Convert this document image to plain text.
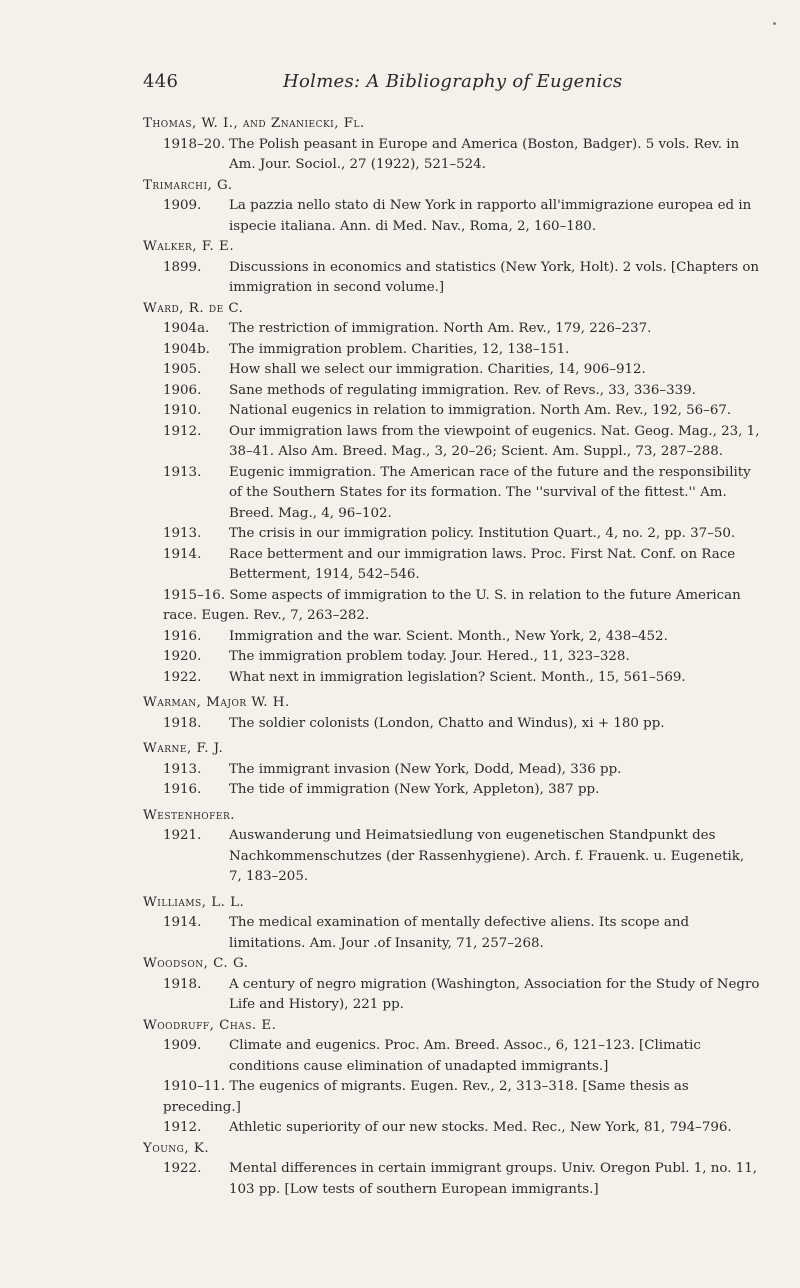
446	Holmes: A Bibliography of Eugenics
Thomas, W. I., and Znaniecki, Fl.
1918–20. The Polish peasant in Europe and America (Boston, Badger). 5 vols. Rev. in Am. Jour. Sociol., 27 (1922), 521–524.
Trimarchi, G.
1909.	La pazzia nello stato di New York in rapporto all'immigrazione europea ed in ispecie italiana. Ann. di Med. Nav., Roma, 2, 160–180.
Walker, F. E.
1899.	Discussions in economics and statistics (New York, Holt). 2 vols. [Chapters on immigration in second volume.]
Ward, R. de C.
1904a.	The restriction of immigration. North Am. Rev., 179, 226–237.
1904b.	The immigration problem. Charities, 12, 138–151.
1905.	How shall we select our immigration. Charities, 14, 906–912.
1906.	Sane methods of regulating immigration. Rev. of Revs., 33, 336–339.
1910.	National eugenics in relation to immigration. North Am. Rev., 192, 56–67.
1912.	Our immigration laws from the viewpoint of eugenics. Nat. Geog. Mag., 23, 1, 38–41. Also Am. Breed. Mag., 3, 20–26; Scient. Am. Suppl., 73, 287–288.
1913.	Eugenic immigration. The American race of the future and the responsibility of the Southern States for its formation. The ''survival of the fittest.'' Am. Breed. Mag., 4, 96–102.
1913.	The crisis in our immigration policy. Institution Quart., 4, no. 2, pp. 37–50.
1914.	Race betterment and our immigration laws. Proc. First Nat. Conf. on Race Betterment, 1914, 542–546.
1915–16. Some aspects of immigration to the U. S. in relation to the future American race. Eugen. Rev., 7, 263–282.
1916.	Immigration and the war. Scient. Month., New York, 2, 438–452.
1920.	The immigration problem today. Jour. Hered., 11, 323–328.
1922.	What next in immigration legislation? Scient. Month., 15, 561–569.
Warman, Major W. H.
1918.	The soldier colonists (London, Chatto and Windus), xi + 180 pp.
Warne, F. J.
1913.	The immigrant invasion (New York, Dodd, Mead), 336 pp.
1916.	The tide of immigration (New York, Appleton), 387 pp.
Westenhofer.
1921.	Auswanderung und Heimatsiedlung von eugenetischen Standpunkt des Nachkommenschutzes (der Rassenhygiene). Arch. f. Frauenk. u. Eugenetik, 7, 183–205.
Williams, L. L.
1914.	The medical examination of mentally defective aliens. Its scope and limitations. Am. Jour .of Insanity, 71, 257–268.
Woodson, C. G.
1918.	A century of negro migration (Washington, Association for the Study of Negro Life and History), 221 pp.
Woodruff, Chas. E.
1909.	Climate and eugenics. Proc. Am. Breed. Assoc., 6, 121–123. [Climatic conditions cause elimination of unadapted immigrants.]
1910–11. The eugenics of migrants. Eugen. Rev., 2, 313–318. [Same thesis as preceding.]
1912.	Athletic superiority of our new stocks. Med. Rec., New York, 81, 794–796.
Young, K.
1922.	Mental differences in certain immigrant groups. Univ. Oregon Publ. 1, no. 11, 103 pp. [Low tests of southern European immigrants.]
